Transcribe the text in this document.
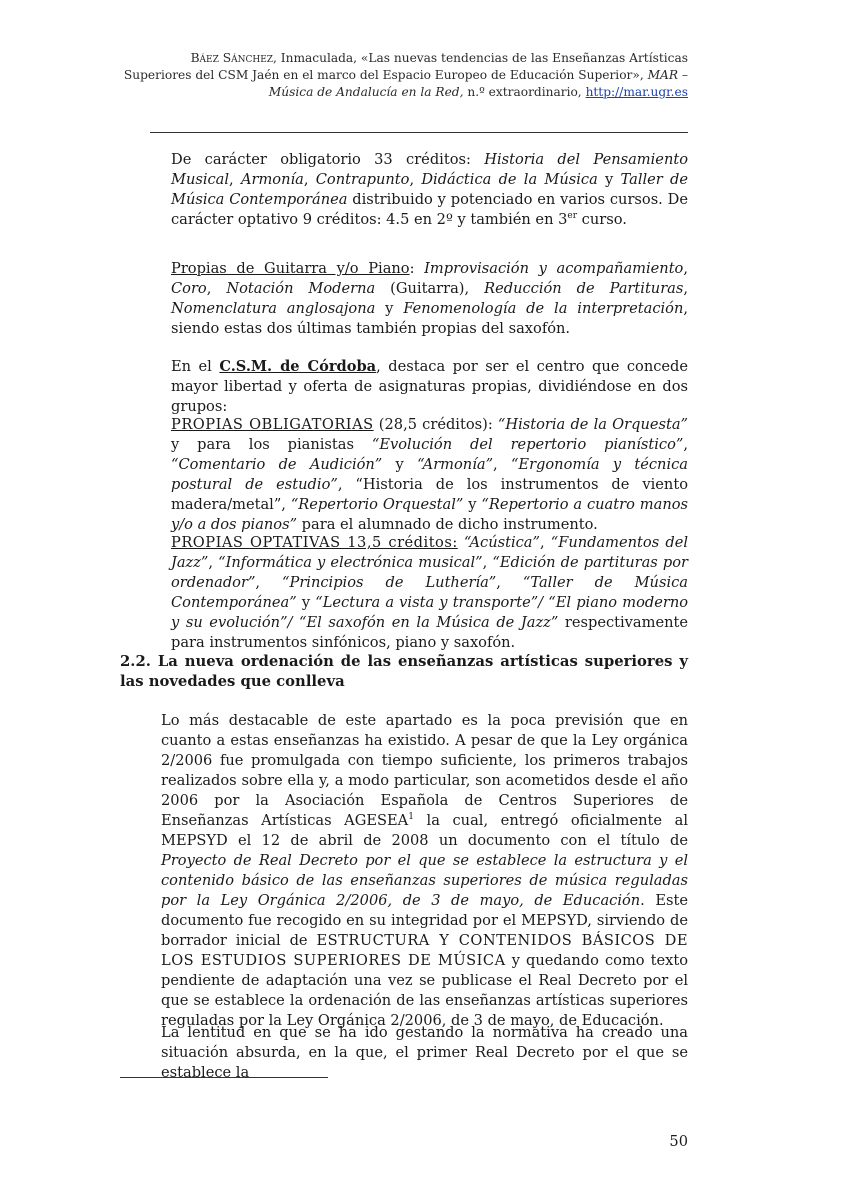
Báez Sánchez, Inmaculada, «Las nuevas tendencias de las Enseñanzas Artísticas Superiores del CSM Jaén en el marco del Espacio Europeo de Educación Superior», MAR – Música de Andalucía en la Red, n.º extraordinario, http://mar.ugr.es

De carácter obligatorio 33 créditos: Historia del Pensamiento Musical, Armonía, Contrapunto, Didáctica de la Música y Taller de Música Contemporánea distribuido y potenciado en varios cursos. De carácter optativo 9 créditos: 4.5 en 2º y también en 3er curso.

Propias de Guitarra y/o Piano: Improvisación y acompañamiento, Coro, Notación Moderna (Guitarra), Reducción de Partituras, Nomenclatura anglosajona y Fenomenología de la interpretación, siendo estas dos últimas también propias del saxofón.

En el C.S.M. de Córdoba, destaca por ser el centro que concede mayor libertad y oferta de asignaturas propias, dividiéndose en dos grupos:

PROPIAS OBLIGATORIAS (28,5 créditos): “Historia de la Orquesta” y para los pianistas “Evolución del repertorio pianístico”, “Comentario de Audición” y “Armonía”, “Ergonomía y técnica postural de estudio”, “Historia de los instrumentos de viento madera/metal”, “Repertorio Orquestal” y “Repertorio a cuatro manos y/o a dos pianos” para el alumnado de dicho instrumento.

PROPIAS OPTATIVAS 13,5 créditos: “Acústica”, “Fundamentos del Jazz”, “Informática y electrónica musical”, “Edición de partituras por ordenador”, “Principios de Luthería”, “Taller de Música Contemporánea” y “Lectura a vista y transporte”/ “El piano moderno y su evolución”/ “El saxofón en la Música de Jazz” respectivamente para instrumentos sinfónicos, piano y saxofón.

2.2. La nueva ordenación de las enseñanzas artísticas superiores y las novedades que conlleva

Lo más destacable de este apartado es la poca previsión que en cuanto a estas enseñanzas ha existido. A pesar de que la Ley orgánica 2/2006 fue promulgada con tiempo suficiente, los primeros trabajos realizados sobre ella y, a modo particular, son acometidos desde el año 2006 por la Asociación Española de Centros Superiores de Enseñanzas Artísticas AGESEA$^1$ la cual, entregó oficialmente al MEPSYD el 12 de abril de 2008 un documento con el título de Proyecto de Real Decreto por el que se establece la estructura y el contenido básico de las enseñanzas superiores de música reguladas por la Ley Orgánica 2/2006, de 3 de mayo, de Educación. Este documento fue recogido en su integridad por el MEPSYD, sirviendo de borrador inicial de ESTRUCTURA Y CONTENIDOS BÁSICOS DE LOS ESTUDIOS SUPERIORES DE MÚSICA y quedando como texto pendiente de adaptación una vez se publicase el Real Decreto por el que se establece la ordenación de las enseñanzas artísticas superiores reguladas por la Ley Orgánica 2/2006, de 3 de mayo, de Educación.

La lentitud en que se ha ido gestando la normativa ha creado una situación absurda, en la que, el primer Real Decreto por el que se establece la

50
